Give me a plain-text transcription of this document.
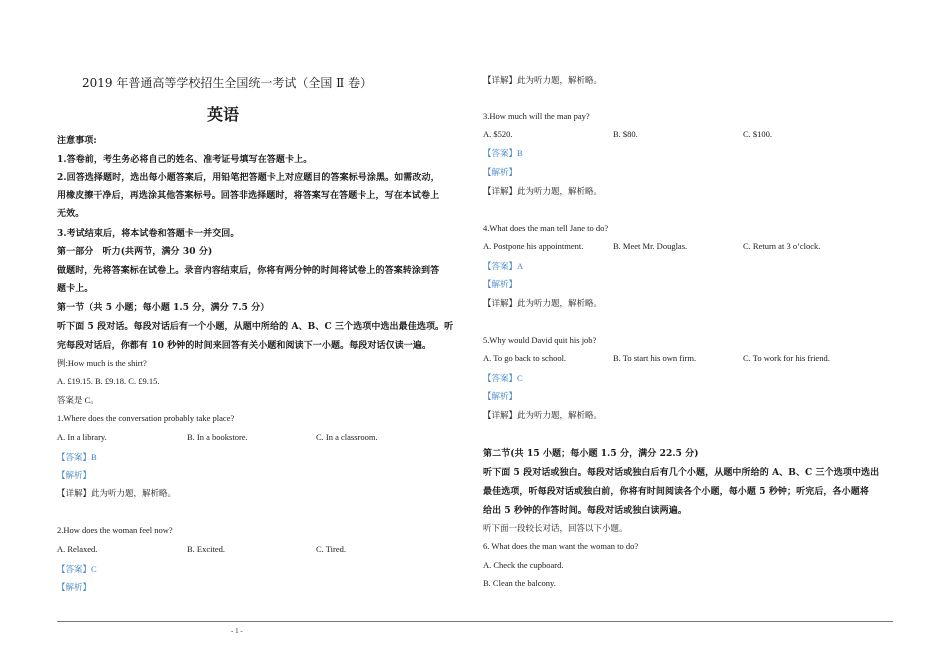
2019 年普通高等学校招生全国统一考试（全国 Ⅱ 卷）
英语
注意事项:
1.答卷前，考生务必将自己的姓名、准考证号填写在答题卡上。
2.回答选择题时，选出每小题答案后，用铅笔把答题卡上对应题目的答案标号涂黑。如需改动，
用橡皮擦干净后，再选涂其他答案标号。回答非选择题时，将答案写在答题卡上，写在本试卷上
无效。
3.考试结束后，将本试卷和答题卡一并交回。
第一部分　听力(共两节，满分 30 分)
做题时，先将答案标在试卷上。录音内容结束后，你将有两分钟的时间将试卷上的答案转涂到答
题卡上。
第一节（共 5 小题；每小题 1.5 分，满分 7.5 分）
听下面 5 段对话。每段对话后有一个小题，从题中所给的 A、B、C 三个选项中选出最佳选项。听
完每段对话后，你都有 10 秒钟的时间来回答有关小题和阅读下一小题。每段对话仅读一遍。
例:How much is the shirt?
A. £19.15. B. £9.18. C. £9.15.
答案是 C。
1.Where does the conversation probably take place?
A. In a library.	B. In a bookstore.	C. In a classroom.
【答案】B
【解析】
【详解】此为听力题，解析略。
2.How does the woman feel now?
A. Relaxed.	B. Excited.	C. Tired.
【答案】C
【解析】
【详解】此为听力题，解析略。
3.How much will the man pay?
A. $520.	B. $80.	C. $100.
【答案】B
【解析】
【详解】此为听力题，解析略。
4.What does the man tell Jane to do?
A. Postpone his appointment.	B. Meet Mr. Douglas.	C. Return at 3 o’clock.
【答案】A
【解析】
【详解】此为听力题，解析略。
5.Why would David quit his job?
A. To go back to school.	B. To start his own firm.	C. To work for his friend.
【答案】C
【解析】
【详解】此为听力题，解析略。
第二节(共 15 小题；每小题 1.5 分，满分 22.5 分)
听下面 5 段对话或独白。每段对话或独白后有几个小题，从题中所给的 A、B、C 三个选项中选出
最佳选项，听每段对话或独白前，你将有时间阅读各个小题，每小题 5 秒钟；听完后，各小题将
给出 5 秒钟的作答时间。每段对话或独白读两遍。
听下面一段较长对话，回答以下小题。
6. What does the man want the woman to do?
A. Check the cupboard.
B. Clean the balcony.
- 1 -
